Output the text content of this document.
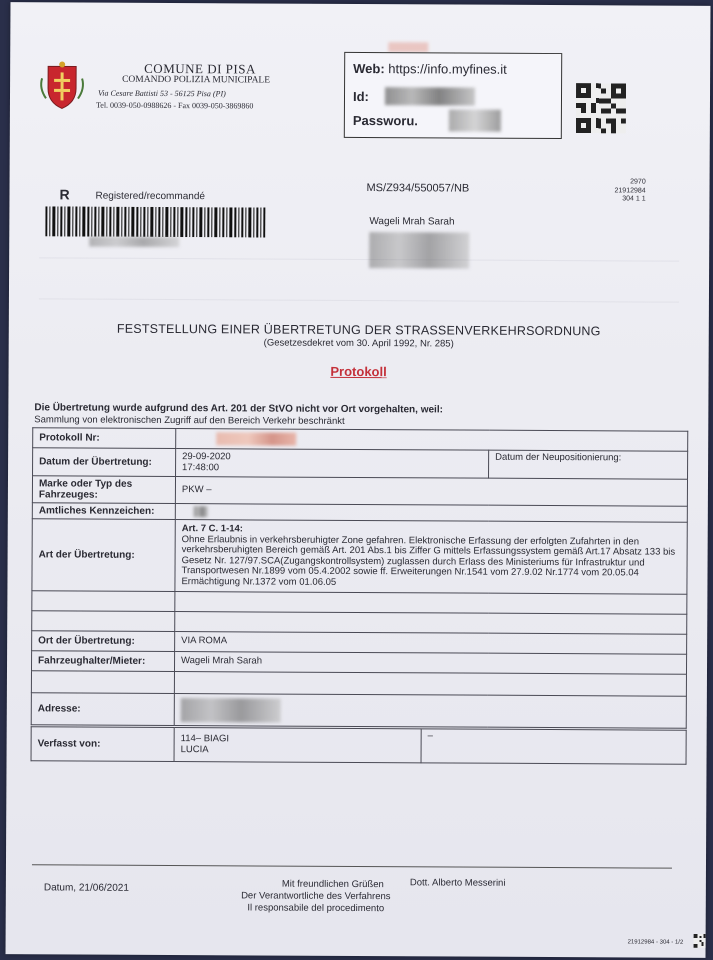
COMUNE DI PISA
COMANDO POLIZIA MUNICIPALE
Via Cesare Battisti 53 - 56125 Pisa (PI)
Tel. 0039-050-0988626 - Fax 0039-050-3869860
Web: https://info.myfines.it
Id:
Passworu.
R	Registered/recommandé
MS/Z934/550057/NB
2970
21912984
304 1 1
Wageli Mrah Sarah
FESTSTELLUNG EINER ÜBERTRETUNG DER STRASSENVERKEHRSORDNUNG
(Gesetzesdekret vom 30. April 1992, Nr. 285)
Protokoll
Die Übertretung wurde aufgrund des Art. 201 der StVO nicht vor Ort vorgehalten, weil:
Sammlung von elektronischen Zugriff auf den Bereich Verkehr beschränkt
Protokoll Nr:		

Datum der Übertretung:	29-09-2020
17:48:00	Datum der Neupositionierung:
Marke oder Typ des Fahrzeuges:	PKW –	
Amtliches Kennzeichen:		

Art der Übertretung:	Art. 7 C. 1-14:
Ohne Erlaubnis in verkehrsberuhigter Zone gefahren. Elektronische Erfassung der erfolgten Zufahrten in den verkehrsberuhigten Bereich gemäß Art. 201 Abs.1 bis Ziffer G mittels Erfassungssystem gemäß Art.17 Absatz 133 bis Gesetz Nr. 127/97.SCA(Zugangskontrollsystem) zuglassen durch Erlass des Ministeriums für Infrastruktur und Transportwesen Nr.1899 vom 05.4.2002 sowie ff. Erweiterungen Nr.1541 vom 27.9.02 Nr.1774 vom 20.05.04 Ermächtigung Nr.1372 vom 01.06.05	

Ort der Übertretung:	VIA ROMA	
Fahrzeughalter/Mieter:	Wageli Mrah Sarah	

Adresse:		
Verfasst von:	114– BIAGI
LUCIA
	–
Datum, 21/06/2021	Mit freundlichen Grüßen	Dott. Alberto Messerini
Der Verantwortliche des Verfahrens
Il responsabile del procedimento
21912984 - 304 - 1/2
